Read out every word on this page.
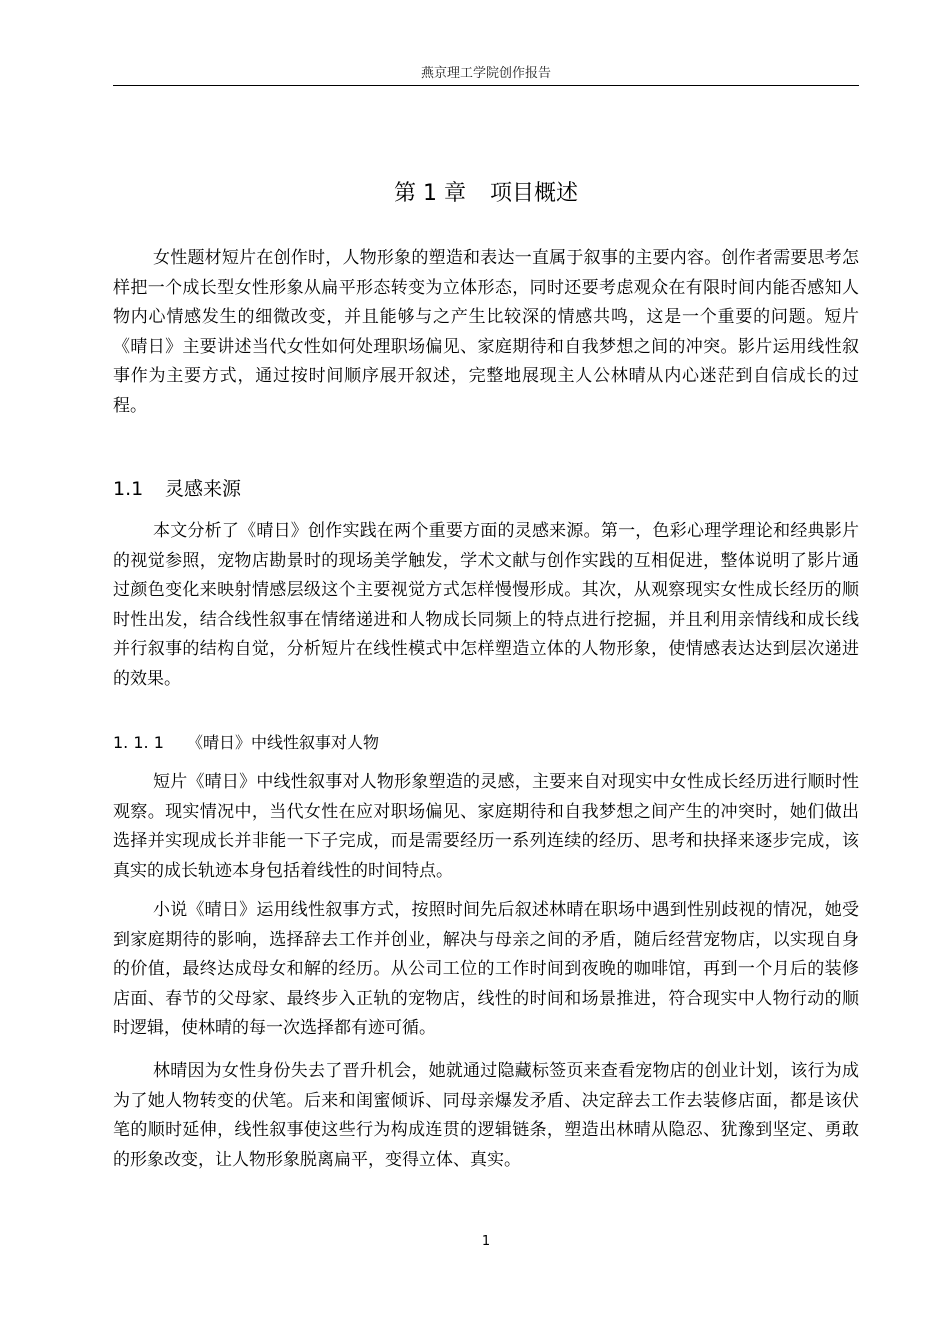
燕京理工学院创作报告
第 1 章 项目概述

女性题材短片在创作时，人物形象的塑造和表达一直属于叙事的主要内容。创作者需要思考怎样把一个成长型女性形象从扁平形态转变为立体形态，同时还要考虑观众在有限时间内能否感知人物内心情感发生的细微改变，并且能够与之产生比较深的情感共鸣，这是一个重要的问题。短片《晴日》主要讲述当代女性如何处理职场偏见、家庭期待和自我梦想之间的冲突。影片运用线性叙事作为主要方式，通过按时间顺序展开叙述，完整地展现主人公林晴从内心迷茫到自信成长的过程。

1.1 灵感来源

本文分析了《晴日》创作实践在两个重要方面的灵感来源。第一，色彩心理学理论和经典影片的视觉参照，宠物店勘景时的现场美学触发，学术文献与创作实践的互相促进，整体说明了影片通过颜色变化来映射情感层级这个主要视觉方式怎样慢慢形成。其次，从观察现实女性成长经历的顺时性出发，结合线性叙事在情绪递进和人物成长同频上的特点进行挖掘，并且利用亲情线和成长线并行叙事的结构自觉，分析短片在线性模式中怎样塑造立体的人物形象，使情感表达达到层次递进的效果。

1. 1. 1 《晴日》中线性叙事对人物

短片《晴日》中线性叙事对人物形象塑造的灵感，主要来自对现实中女性成长经历进行顺时性观察。现实情况中，当代女性在应对职场偏见、家庭期待和自我梦想之间产生的冲突时，她们做出选择并实现成长并非能一下子完成，而是需要经历一系列连续的经历、思考和抉择来逐步完成，该真实的成长轨迹本身包括着线性的时间特点。

小说《晴日》运用线性叙事方式，按照时间先后叙述林晴在职场中遇到性别歧视的情况，她受到家庭期待的影响，选择辞去工作并创业，解决与母亲之间的矛盾，随后经营宠物店，以实现自身的价值，最终达成母女和解的经历。从公司工位的工作时间到夜晚的咖啡馆，再到一个月后的装修店面、春节的父母家、最终步入正轨的宠物店，线性的时间和场景推进，符合现实中人物行动的顺时逻辑，使林晴的每一次选择都有迹可循。

林晴因为女性身份失去了晋升机会，她就通过隐藏标签页来查看宠物店的创业计划，该行为成为了她人物转变的伏笔。后来和闺蜜倾诉、同母亲爆发矛盾、决定辞去工作去装修店面，都是该伏笔的顺时延伸，线性叙事使这些行为构成连贯的逻辑链条，塑造出林晴从隐忍、犹豫到坚定、勇敢的形象改变，让人物形象脱离扁平，变得立体、真实。

1
